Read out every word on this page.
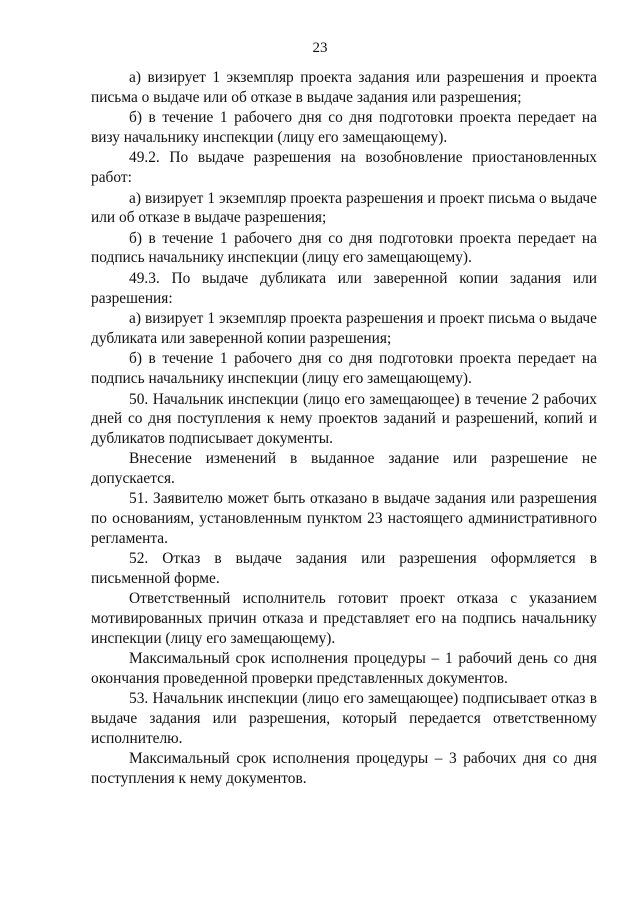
23

а) визирует 1 экземпляр проекта задания или разрешения и проекта письма о выдаче или об отказе в выдаче задания или разрешения;

б) в течение 1 рабочего дня со дня подготовки проекта передает на визу начальнику инспекции (лицу его замещающему).

49.2. По выдаче разрешения на возобновление приостановленных работ:

а) визирует 1 экземпляр проекта разрешения и проект письма о выдаче или об отказе в выдаче разрешения;

б) в течение 1 рабочего дня со дня подготовки проекта передает на подпись начальнику инспекции (лицу его замещающему).

49.3. По выдаче дубликата или заверенной копии задания или разрешения:

а) визирует 1 экземпляр проекта разрешения и проект письма о выдаче дубликата или заверенной копии разрешения;

б) в течение 1 рабочего дня со дня подготовки проекта передает на подпись начальнику инспекции (лицу его замещающему).

50. Начальник инспекции (лицо его замещающее) в течение 2 рабочих дней со дня поступления к нему проектов заданий и разрешений, копий и дубликатов подписывает документы.

Внесение изменений в выданное задание или разрешение не допускается.

51. Заявителю может быть отказано в выдаче задания или разрешения по основаниям, установленным пунктом 23 настоящего административного регламента.

52. Отказ в выдаче задания или разрешения оформляется в письменной форме.

Ответственный исполнитель готовит проект отказа с указанием мотивированных причин отказа и представляет его на подпись начальнику инспекции (лицу его замещающему).

Максимальный срок исполнения процедуры – 1 рабочий день со дня окончания проведенной проверки представленных документов.

53. Начальник инспекции (лицо его замещающее) подписывает отказ в выдаче задания или разрешения, который передается ответственному исполнителю.

Максимальный срок исполнения процедуры – 3 рабочих дня со дня поступления к нему документов.
